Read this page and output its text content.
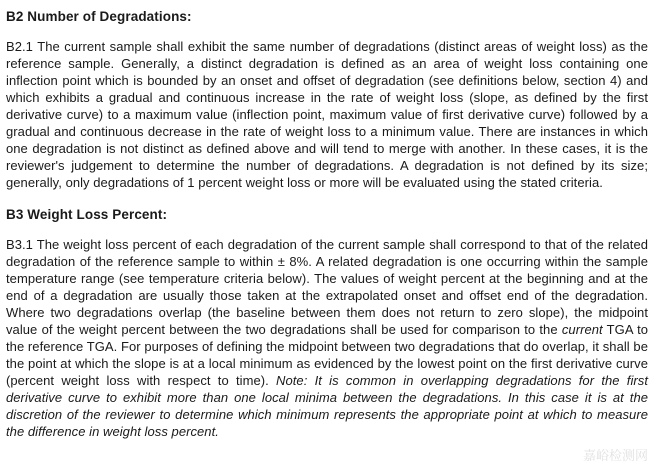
B2 Number of Degradations:

B2.1 The current sample shall exhibit the same number of degradations (distinct areas of weight loss) as the reference sample. Generally, a distinct degradation is defined as an area of weight loss containing one inflection point which is bounded by an onset and offset of degradation (see definitions below, section 4) and which exhibits a gradual and continuous increase in the rate of weight loss (slope, as defined by the first derivative curve) to a maximum value (inflection point, maximum value of first derivative curve) followed by a gradual and continuous decrease in the rate of weight loss to a minimum value. There are instances in which one degradation is not distinct as defined above and will tend to merge with another. In these cases, it is the reviewer's judgement to determine the number of degradations. A degradation is not defined by its size; generally, only degradations of 1 percent weight loss or more will be evaluated using the stated criteria.

B3 Weight Loss Percent:

B3.1 The weight loss percent of each degradation of the current sample shall correspond to that of the related degradation of the reference sample to within ± 8%. A related degradation is one occurring within the sample temperature range (see temperature criteria below). The values of weight percent at the beginning and at the end of a degradation are usually those taken at the extrapolated onset and offset end of the degradation. Where two degradations overlap (the baseline between them does not return to zero slope), the midpoint value of the weight percent between the two degradations shall be used for comparison to the current TGA to the reference TGA. For purposes of defining the midpoint between two degradations that do overlap, it shall be the point at which the slope is at a local minimum as evidenced by the lowest point on the first derivative curve (percent weight loss with respect to time). Note: It is common in overlapping degradations for the first derivative curve to exhibit more than one local minima between the degradations. In this case it is at the discretion of the reviewer to determine which minimum represents the appropriate point at which to measure the difference in weight loss percent.

嘉峪检测网
